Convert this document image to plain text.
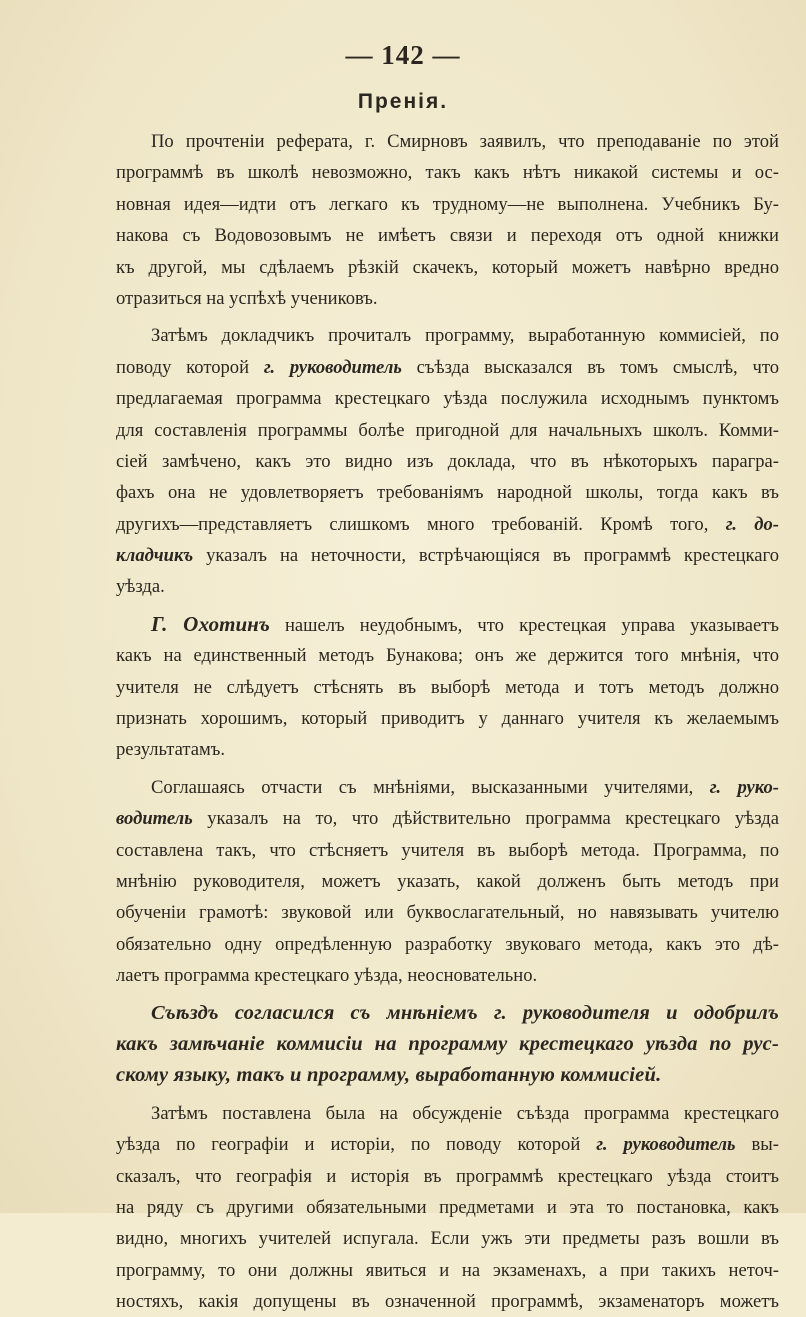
— 142 —
Пренія.
По прочтеніи реферата, г. Смирновъ заявилъ, что преподаваніе по этой
программѣ въ школѣ невозможно, такъ какъ нѣтъ никакой системы и ос-
новная идея—идти отъ легкаго къ трудному—не выполнена. Учебникъ Бу-
накова съ Водовозовымъ не имѣетъ связи и переходя отъ одной книжки
къ другой, мы сдѣлаемъ рѣзкій скачекъ, который можетъ навѣрно вредно
отразиться на успѣхѣ учениковъ.
Затѣмъ докладчикъ прочиталъ программу, выработанную коммисіей, по
поводу которой г. руководитель съѣзда высказался въ томъ смыслѣ, что
предлагаемая программа крестецкаго уѣзда послужила исходнымъ пунктомъ
для составленія программы болѣе пригодной для начальныхъ школъ. Комми-
сіей замѣчено, какъ это видно изъ доклада, что въ нѣкоторыхъ парагра-
фахъ она не удовлетворяетъ требованіямъ народной школы, тогда какъ въ
другихъ—представляетъ слишкомъ много требованій. Кромѣ того, г. до-
кладчикъ указалъ на неточности, встрѣчающіяся въ программѣ крестецкаго
уѣзда.
Г. Охотинъ нашелъ неудобнымъ, что крестецкая управа указываетъ
какъ на единственный методъ Бунакова; онъ же держится того мнѣнія, что
учителя не слѣдуетъ стѣснять въ выборѣ метода и тотъ методъ должно
признать хорошимъ, который приводитъ у даннаго учителя къ желаемымъ
результатамъ.
Соглашаясь отчасти съ мнѣніями, высказанными учителями, г. руко-
водитель указалъ на то, что дѣйствительно программа крестецкаго уѣзда
составлена такъ, что стѣсняетъ учителя въ выборѣ метода. Программа, по
мнѣнію руководителя, можетъ указать, какой долженъ быть методъ при
обученіи грамотѣ: звуковой или буквослагательный, но навязывать учителю
обязательно одну опредѣленную разработку звуковаго метода, какъ это дѣ-
лаетъ программа крестецкаго уѣзда, неосновательно.
Съѣздъ согласился съ мнѣніемъ г. руководителя и одобрилъ
какъ замѣчаніе коммисіи на программу крестецкаго уѣзда по рус-
скому языку, такъ и программу, выработанную коммисіей.
Затѣмъ поставлена была на обсужденіе съѣзда программа крестецкаго
уѣзда по географіи и исторіи, по поводу которой г. руководитель вы-
сказалъ, что географія и исторія въ программѣ крестецкаго уѣзда стоитъ
на ряду съ другими обязательными предметами и эта то постановка, какъ
видно, многихъ учителей испугала. Если ужъ эти предметы разъ вошли въ
программу, то они должны явиться и на экзаменахъ, а при такихъ неточ-
ностяхъ, какія допущены въ означенной программѣ, экзаменаторъ можетъ
